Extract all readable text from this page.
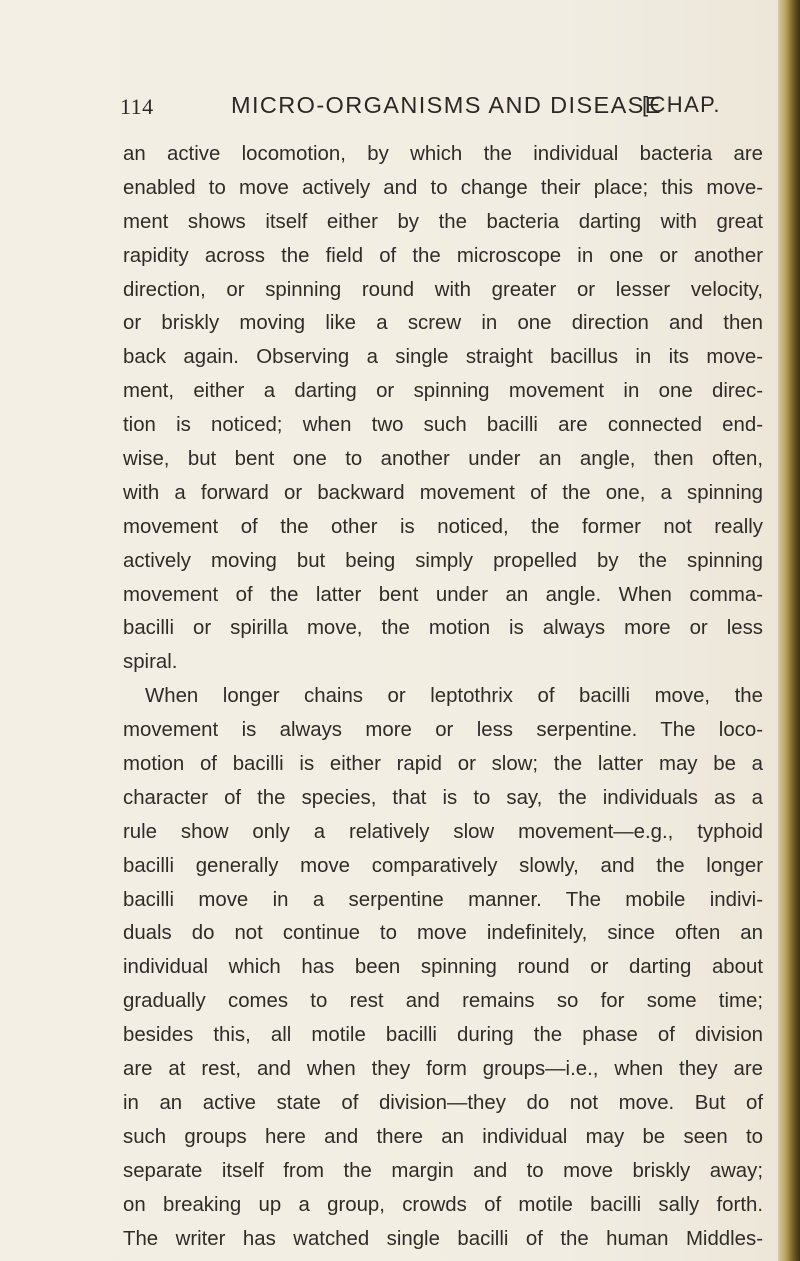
114	MICRO-ORGANISMS AND DISEASE
[CHAP.
an active locomotion, by which the individual bacteria are
enabled to move actively and to change their place; this move-
ment shows itself either by the bacteria darting with great
rapidity across the field of the microscope in one or another
direction, or spinning round with greater or lesser velocity,
or briskly moving like a screw in one direction and then
back again. Observing a single straight bacillus in its move-
ment, either a darting or spinning movement in one direc-
tion is noticed; when two such bacilli are connected end-
wise, but bent one to another under an angle, then often,
with a forward or backward movement of the one, a spinning
movement of the other is noticed, the former not really
actively moving but being simply propelled by the spinning
movement of the latter bent under an angle. When comma-
bacilli or spirilla move, the motion is always more or less
spiral.
When longer chains or leptothrix of bacilli move, the
movement is always more or less serpentine. The loco-
motion of bacilli is either rapid or slow; the latter may be a
character of the species, that is to say, the individuals as a
rule show only a relatively slow movement—e.g., typhoid
bacilli generally move comparatively slowly, and the longer
bacilli move in a serpentine manner. The mobile indivi-
duals do not continue to move indefinitely, since often an
individual which has been spinning round or darting about
gradually comes to rest and remains so for some time;
besides this, all motile bacilli during the phase of division
are at rest, and when they form groups—i.e., when they are
in an active state of division—they do not move. But of
such groups here and there an individual may be seen to
separate itself from the margin and to move briskly away;
on breaking up a group, crowds of motile bacilli sally forth.
The writer has watched single bacilli of the human Middles-
